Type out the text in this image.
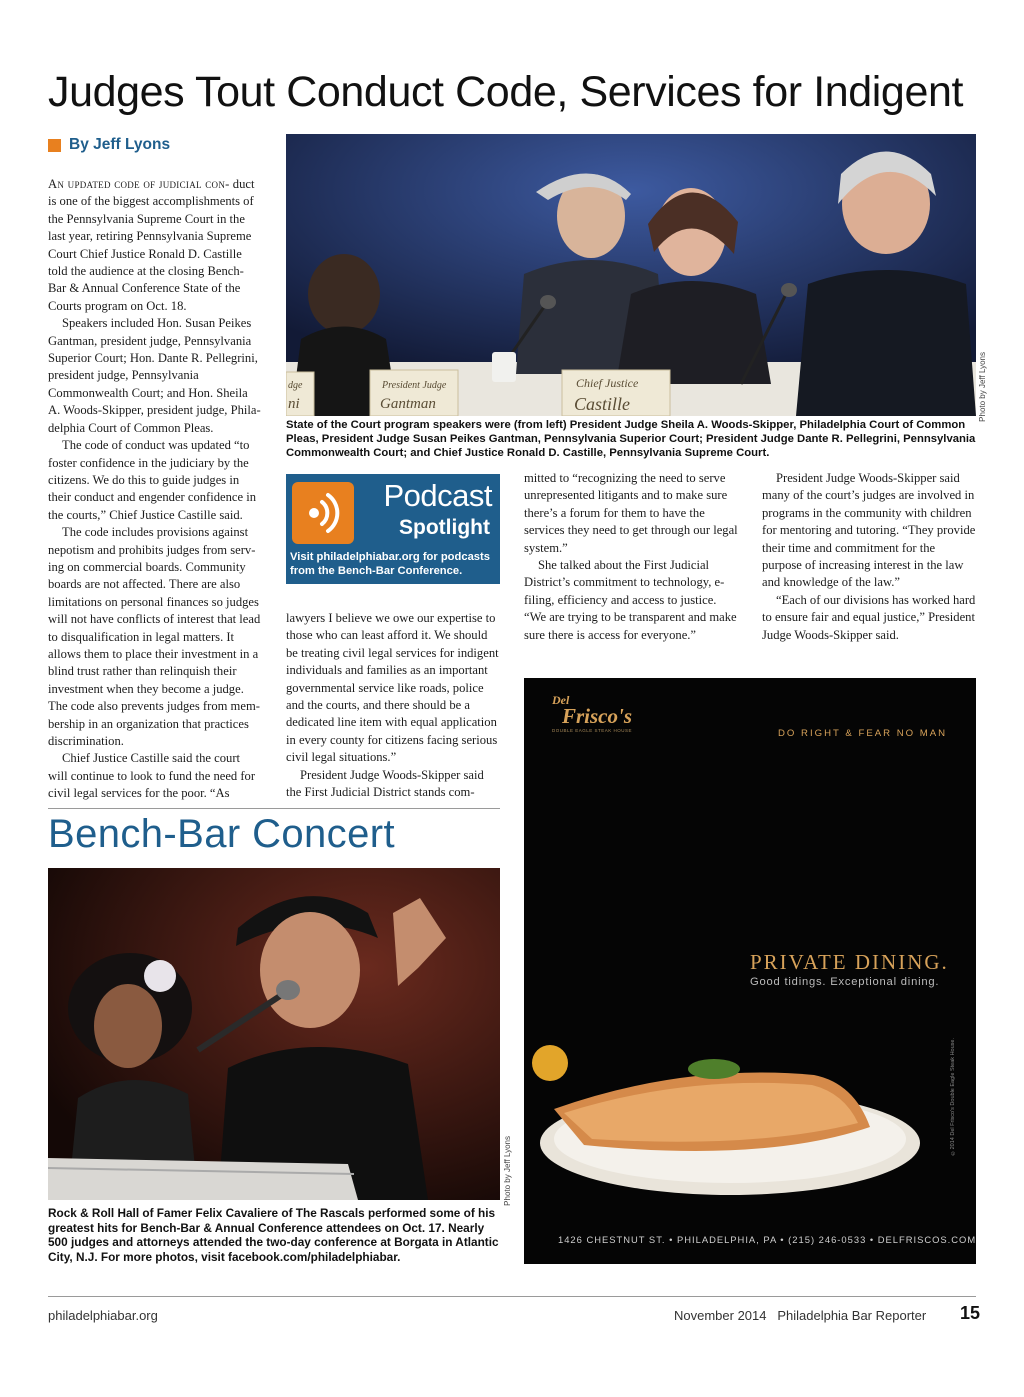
Judges Tout Conduct Code, Services for Indigent
By Jeff Lyons

An updated code of judicial con- duct is one of the biggest accomplishments of the Pennsylvania Supreme Court in the last year, retiring Pennsylvania Supreme Court Chief Justice Ronald D. Castille told the audience at the closing Bench-Bar & Annual Conference State of the Courts program on Oct. 18.

Speakers included Hon. Susan Peikes Gantman, president judge, Pennsylvania Superior Court; Hon. Dante R. Pellegrini, president judge, Pennsylvania Commonwealth Court; and Hon. Sheila A. Woods-Skipper, president judge, Philadelphia Court of Common Pleas.

The code of conduct was updated “to foster confidence in the judiciary by the citizens. We do this to guide judges in their conduct and engender confidence in the courts,” Chief Justice Castille said.

The code includes provisions against nepotism and prohibits judges from serving on commercial boards. Community boards are not affected. There are also limitations on personal finances so judges will not have conflicts of interest that lead to disqualification in legal matters. It allows them to place their investment in a blind trust rather than relinquish their investment when they become a judge. The code also prevents judges from membership in an organization that practices discrimination.

Chief Justice Castille said the court will continue to look to fund the need for civil legal services for the poor. “As

dge
ni
President Judge
Gantman
Chief Justice
Castille	Photo by Jeff Lyons
State of the Court program speakers were (from left) President Judge Sheila A. Woods-Skipper, Philadelphia Court of Common Pleas, President Judge Susan Peikes Gantman, Pennsylvania Superior Court; President Judge Dante R. Pellegrini, Pennsylvania Commonwealth Court; and Chief Justice Ronald D. Castille, Pennsylvania Supreme Court.
Podcast
Spotlight
Visit philadelphiabar.org for podcasts from the Bench-Bar Conference.

lawyers I believe we owe our expertise to those who can least afford it. We should be treating civil legal services for indigent individuals and families as an important governmental service like roads, police and the courts, and there should be a dedicated line item with equal application in every county for citizens facing serious civil legal situations.”

President Judge Woods-Skipper said the First Judicial District stands com-

mitted to “recognizing the need to serve unrepresented litigants and to make sure there’s a forum for them to have the services they need to get through our legal system.”

She talked about the First Judicial District’s commitment to technology, e-filing, efficiency and access to justice. “We are trying to be transparent and make sure there is access for everyone.”

President Judge Woods-Skipper said many of the court’s judges are involved in programs in the community with children for mentoring and tutoring. “They provide their time and commitment for the purpose of increasing interest in the law and knowledge of the law.”

“Each of our divisions has worked hard to ensure fair and equal justice,” President Judge Woods-Skipper said.

Bench-Bar Concert
Photo by Jeff Lyons
Rock & Roll Hall of Famer Felix Cavaliere of The Rascals performed some of his greatest hits for Bench-Bar & Annual Conference attendees on Oct. 17. Nearly 500 judges and attorneys attended the two-day conference at Borgata in Atlantic City, N.J. For more photos, visit facebook.com/philadelphiabar.
Del
Frisco's
DOUBLE EAGLE STEAK HOUSE	DO RIGHT & FEAR NO MAN
PRIVATE DINING.
Good tidings. Exceptional dining.
©2014 Del Frisco's Double Eagle Steak House.
1426 CHESTNUT ST. • PHILADELPHIA, PA • (215) 246-0533 • DELFRISCOS.COM
philadelphiabar.org	November 2014   Philadelphia Bar Reporter 15
